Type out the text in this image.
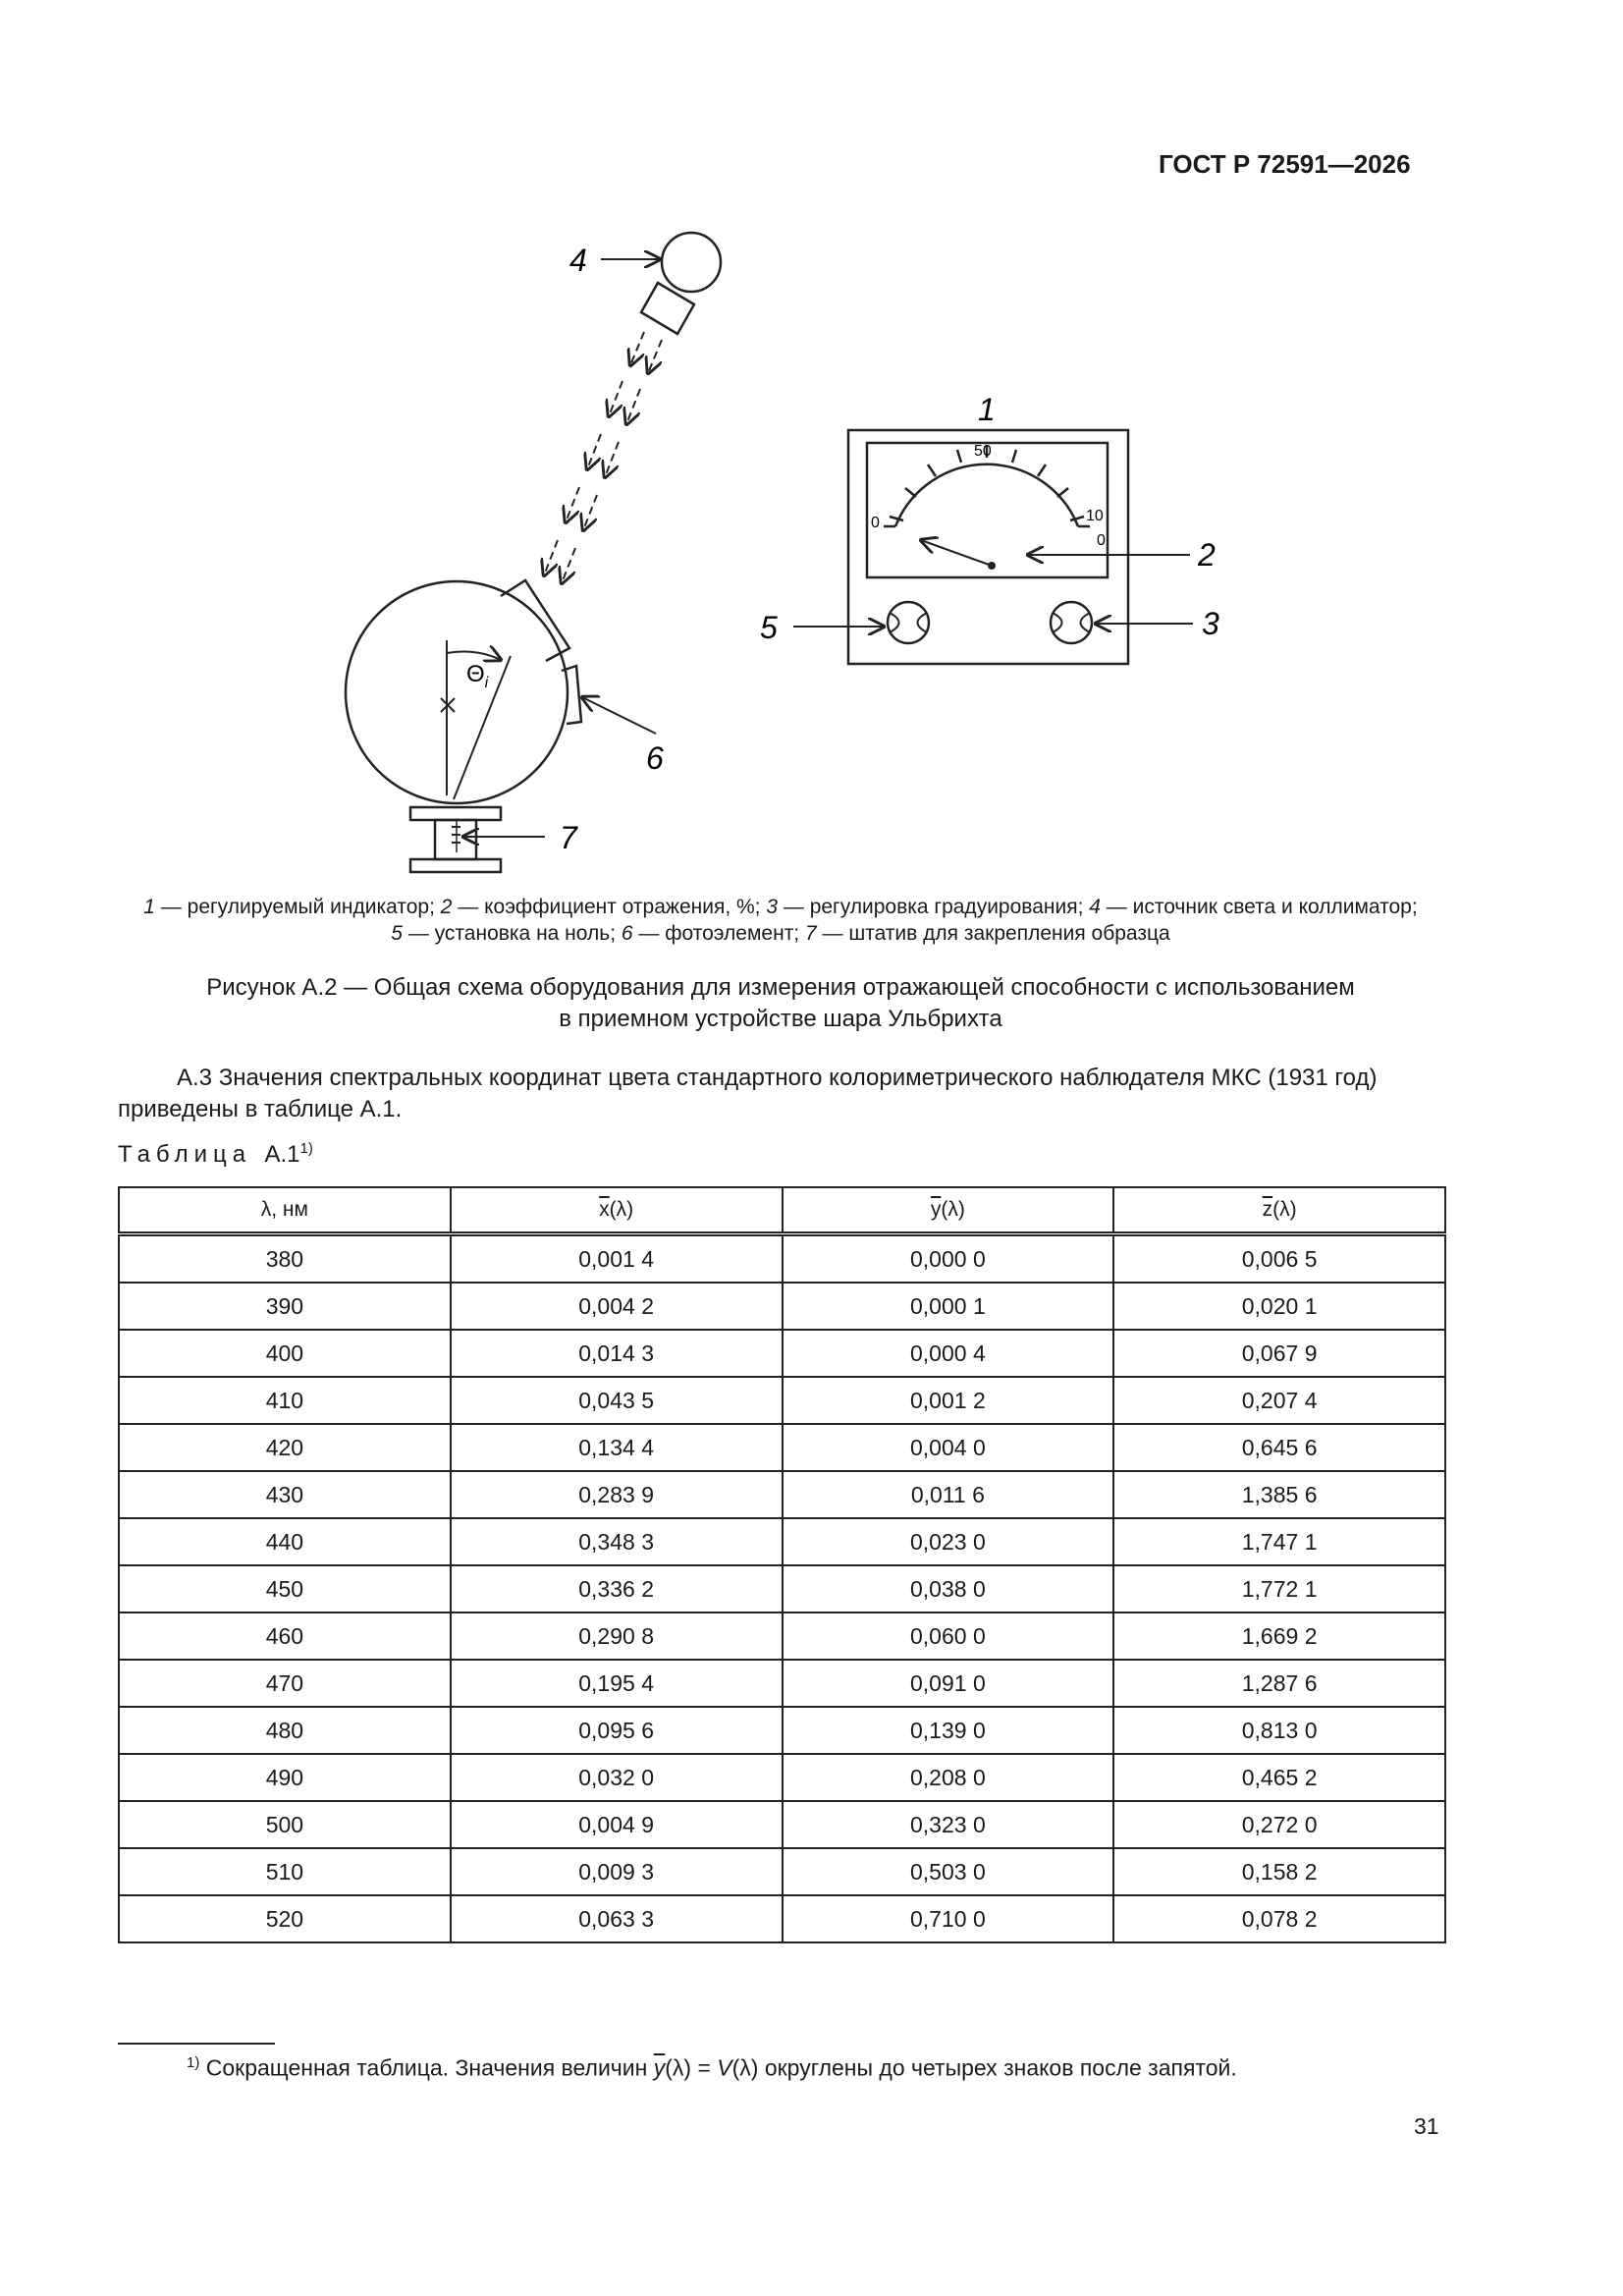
ГОСТ Р 72591—2026
4
$\Theta_i$
6
7
50
0	10
0
1
2
3
5
1 — регулируемый индикатор; 2 — коэффициент отражения, %; 3 — регулировка градуирования; 4 — источник света и коллиматор;
5 — установка на ноль; 6 — фотоэлемент; 7 — штатив для закрепления образца
Рисунок А.2 — Общая схема оборудования для измерения отражающей способности с использованием
в приемном устройстве шара Ульбрихта
А.3 Значения спектральных координат цвета стандартного колориметрического наблюдателя МКС (1931 год)
приведены в таблице А.1.
Таблица А.1$^{1)}$
λ, нм	$\overline{x}(\lambda)$	$\overline{y}(\lambda)$	$\overline{z}(\lambda)$
380	0,001 4	0,000 0	0,006 5
390	0,004 2	0,000 1	0,020 1
400	0,014 3	0,000 4	0,067 9
410	0,043 5	0,001 2	0,207 4
420	0,134 4	0,004 0	0,645 6
430	0,283 9	0,011 6	1,385 6
440	0,348 3	0,023 0	1,747 1
450	0,336 2	0,038 0	1,772 1
460	0,290 8	0,060 0	1,669 2
470	0,195 4	0,091 0	1,287 6
480	0,095 6	0,139 0	0,813 0
490	0,032 0	0,208 0	0,465 2
500	0,004 9	0,323 0	0,272 0
510	0,009 3	0,503 0	0,158 2
520	0,063 3	0,710 0	0,078 2
$^{1)}$ Сокращенная таблица. Значения величин $\overline{y}(\lambda) = V(\lambda)$ округлены до четырех знаков после запятой.
31
